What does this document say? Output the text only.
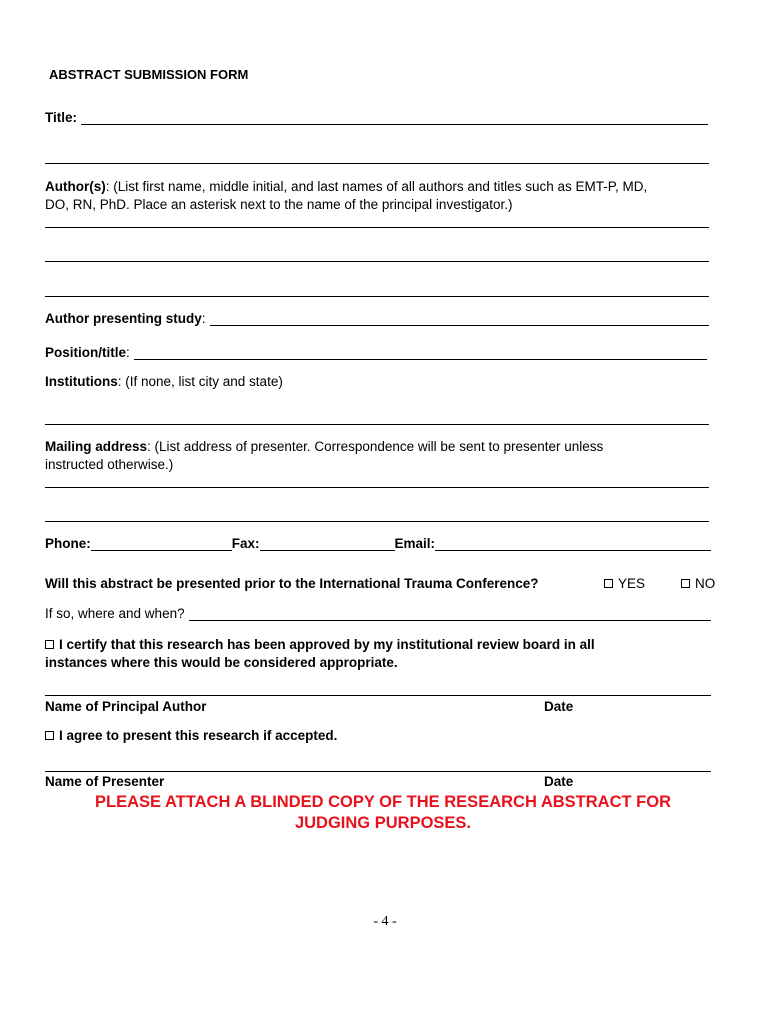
ABSTRACT SUBMISSION FORM
Title:
Author(s): (List first name, middle initial, and last names of all authors and titles such as EMT-P, MD,
DO, RN, PhD. Place an asterisk next to the name of the principal investigator.)
Author presenting study :
Position/title :
Institutions: (If none, list city and state)
Mailing address: (List address of presenter. Correspondence will be sent to presenter unless
instructed otherwise.)
Phone:	Fax:	Email:
Will this abstract be presented prior to the International Trauma Conference?	YES	NO
If so, where and when?
I certify that this research has been approved by my institutional review board in all
instances where this would be considered appropriate.
Name of Principal Author	Date
I agree to present this research if accepted.
Name of Presenter	Date
PLEASE ATTACH A BLINDED COPY OF THE RESEARCH ABSTRACT FOR
JUDGING PURPOSES.
- 4 -
